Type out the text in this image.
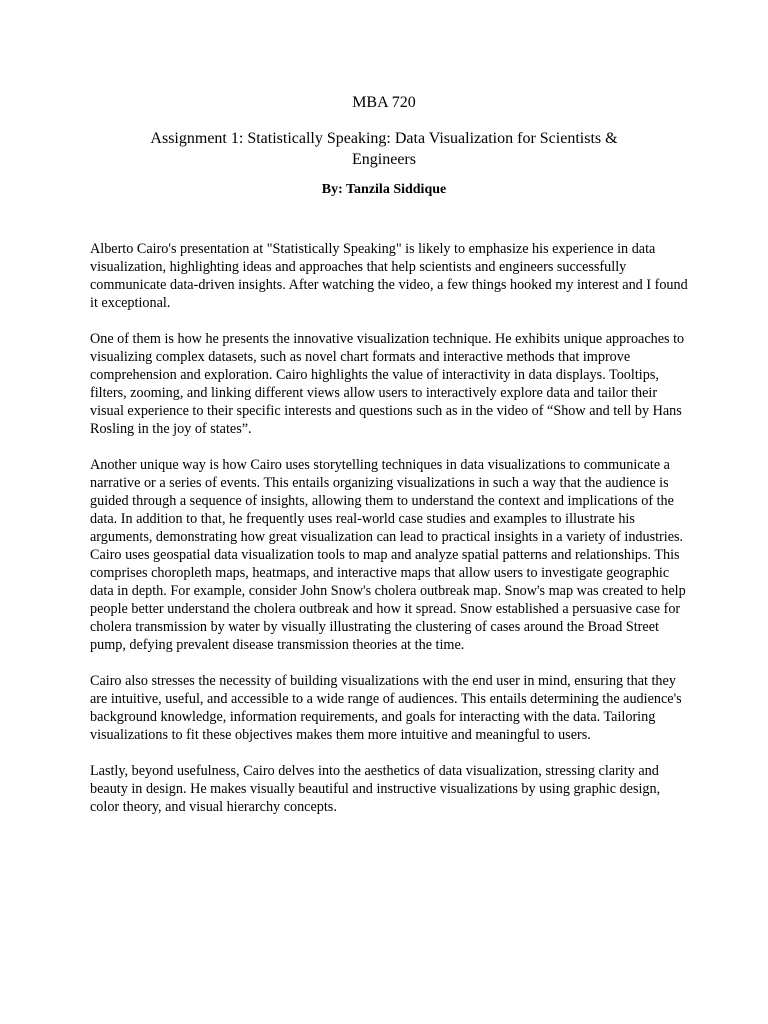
MBA 720
Assignment 1: Statistically Speaking: Data Visualization for Scientists & Engineers
By: Tanzila Siddique

Alberto Cairo's presentation at "Statistically Speaking" is likely to emphasize his experience in data visualization, highlighting ideas and approaches that help scientists and engineers successfully communicate data-driven insights. After watching the video, a few things hooked my interest and I found it exceptional.

One of them is how he presents the innovative visualization technique. He exhibits unique approaches to visualizing complex datasets, such as novel chart formats and interactive methods that improve comprehension and exploration. Cairo highlights the value of interactivity in data displays. Tooltips, filters, zooming, and linking different views allow users to interactively explore data and tailor their visual experience to their specific interests and questions such as in the video of “Show and tell by Hans Rosling in the joy of states”.

Another unique way is how Cairo uses storytelling techniques in data visualizations to communicate a narrative or a series of events. This entails organizing visualizations in such a way that the audience is guided through a sequence of insights, allowing them to understand the context and implications of the data. In addition to that, he frequently uses real-world case studies and examples to illustrate his arguments, demonstrating how great visualization can lead to practical insights in a variety of industries. Cairo uses geospatial data visualization tools to map and analyze spatial patterns and relationships. This comprises choropleth maps, heatmaps, and interactive maps that allow users to investigate geographic data in depth. For example, consider John Snow's cholera outbreak map. Snow's map was created to help people better understand the cholera outbreak and how it spread. Snow established a persuasive case for cholera transmission by water by visually illustrating the clustering of cases around the Broad Street pump, defying prevalent disease transmission theories at the time.

Cairo also stresses the necessity of building visualizations with the end user in mind, ensuring that they are intuitive, useful, and accessible to a wide range of audiences. This entails determining the audience's background knowledge, information requirements, and goals for interacting with the data. Tailoring visualizations to fit these objectives makes them more intuitive and meaningful to users.

Lastly, beyond usefulness, Cairo delves into the aesthetics of data visualization, stressing clarity and beauty in design. He makes visually beautiful and instructive visualizations by using graphic design, color theory, and visual hierarchy concepts.
